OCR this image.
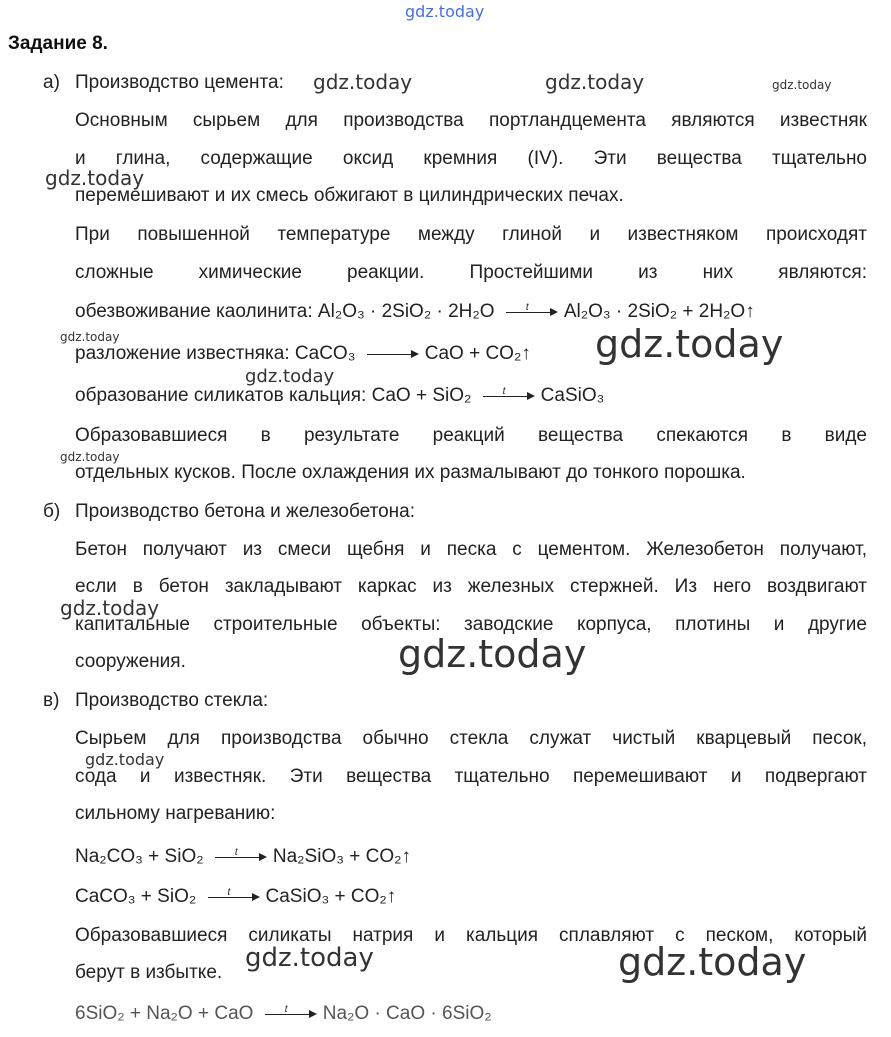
Задание 8.
а) Производство цемента:
Основным сырьем для производства портландцемента являются известняк
и глина, содержащие оксид кремния (IV). Эти вещества тщательно
перемешивают и их смесь обжигают в цилиндрических печах.
При повышенной температуре между глиной и известняком происходят
сложные химические реакции. Простейшими из них являются:
обезвоживание каолинита: Al₂O₃ · 2SiO₂ · 2H₂O	t Al₂O₃ · 2SiO₂ + 2H₂O↑
разложение известняка: CaCO₃	CaO + CO₂↑
образование силикатов кальция: CaO + SiO₂	t CaSiO₃
Образовавшиеся в результате реакций вещества спекаются в виде
отдельных кусков. После охлаждения их размалывают до тонкого порошка.
б) Производство бетона и железобетона:
Бетон получают из смеси щебня и песка с цементом. Железобетон получают,
если в бетон закладывают каркас из железных стержней. Из него воздвигают
капитальные строительные объекты: заводские корпуса, плотины и другие
сооружения.
в) Производство стекла:
Сырьем для производства обычно стекла служат чистый кварцевый песок,
сода и известняк. Эти вещества тщательно перемешивают и подвергают
сильному нагреванию:
Na₂CO₃ + SiO₂	t Na₂SiO₃ + CO₂↑
CaCO₃ + SiO₂	t CaSiO₃ + CO₂↑
Образовавшиеся силикаты натрия и кальция сплавляют с песком, который
берут в избытке.
6SiO₂ + Na₂O + CaO	t Na₂O · CaO · 6SiO₂
gdz.today
gdz.today	gdz.today	gdz.today
gdz.today
gdz.today	gdz.today
gdz.today
gdz.today
gdz.today
gdz.today
gdz.today
gdz.today	gdz.today
